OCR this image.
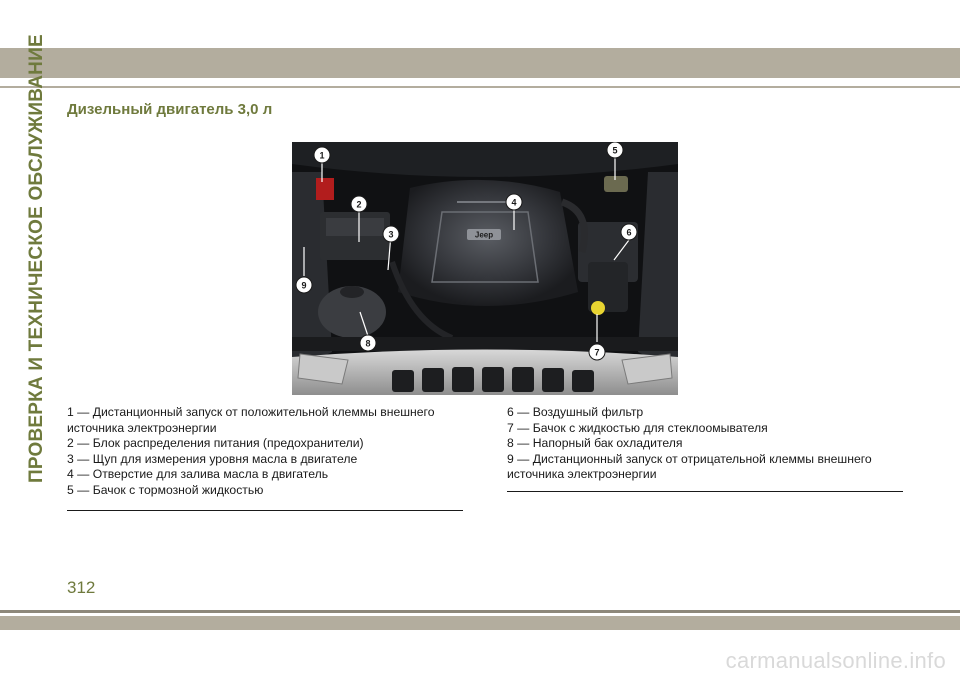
ПРОВЕРКА И ТЕХНИЧЕСКОЕ ОБСЛУЖИВАНИЕ Дизельный двигатель 3,0 л
Jeep
1
2
3
4
5
6
7
8
9
1 — Дистанционный запуск от положительной клеммы внешнего источника электроэнергии
2 — Блок распределения питания (предохранители)
3 — Щуп для измерения уровня масла в двигателе
4 — Отверстие для залива масла в двигатель
5 — Бачок с тормозной жидкостью
6 — Воздушный фильтр
7 — Бачок с жидкостью для стеклоомывателя
8 — Напорный бак охладителя
9 — Дистанционный запуск от отрицательной клеммы внешнего источника электроэнергии
312
carmanualsonline.info
